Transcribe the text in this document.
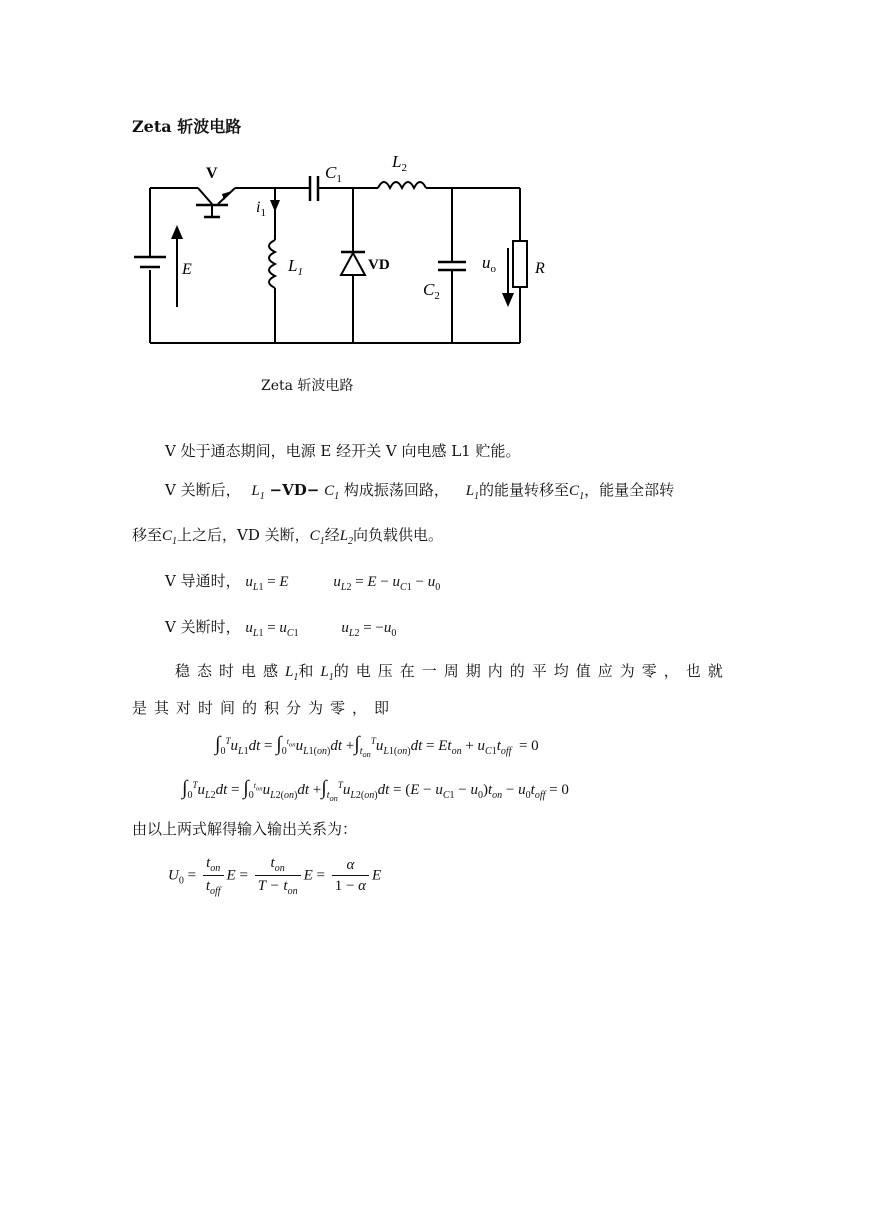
Zeta 斩波电路
V
$i_1$
$C_1$
$L_2$
E	$L_1$	VD
$C_2$
$u_o$ R
Zeta 斩波电路
V 处于通态期间，电源 E 经开关 V 向电感 L1 贮能。
V 关断后， $L_1 -VD- C_1$ 构成振荡回路， $L_1$的能量转移至$C_1$，能量全部转
移至$C_1$上之后，VD 关断，$C_1$经$L_2$向负载供电。
V 导通时， $u_{L1} = E$	$u_{L2} = E - u_{C1} - u_0$
V 关断时， $u_{L1} = u_{C1}$	$u_{L2} = -u_0$
稳态时电感$L_1$和$L_1$的电压在一周期内的平均值应为零，也就
是其对时间的积分为零，即
$\int_0^Tu_{L1}dt = \int_0^{t_{on}}u_{L1(on)}dt +\int_{t_{on}}^Tu_{L1(on)}dt = Et_{on} + u_{C1}t_{off} = 0$
$\int_0^Tu_{L2}dt = \int_0^{t_{on}}u_{L2(on)}dt +\int_{t_{on}}^Tu_{L2(on)}dt = (E - u_{C1} - u_0)t_{on} - u_0t_{off} = 0$
由以上两式解得输入输出关系为：
$U_0 = \frac{t_{on}}{t_{off}}$ $E = \frac{t_{on}}{T - t_{on}}$ $E = \frac{\alpha}{1 - \alpha}$ E
